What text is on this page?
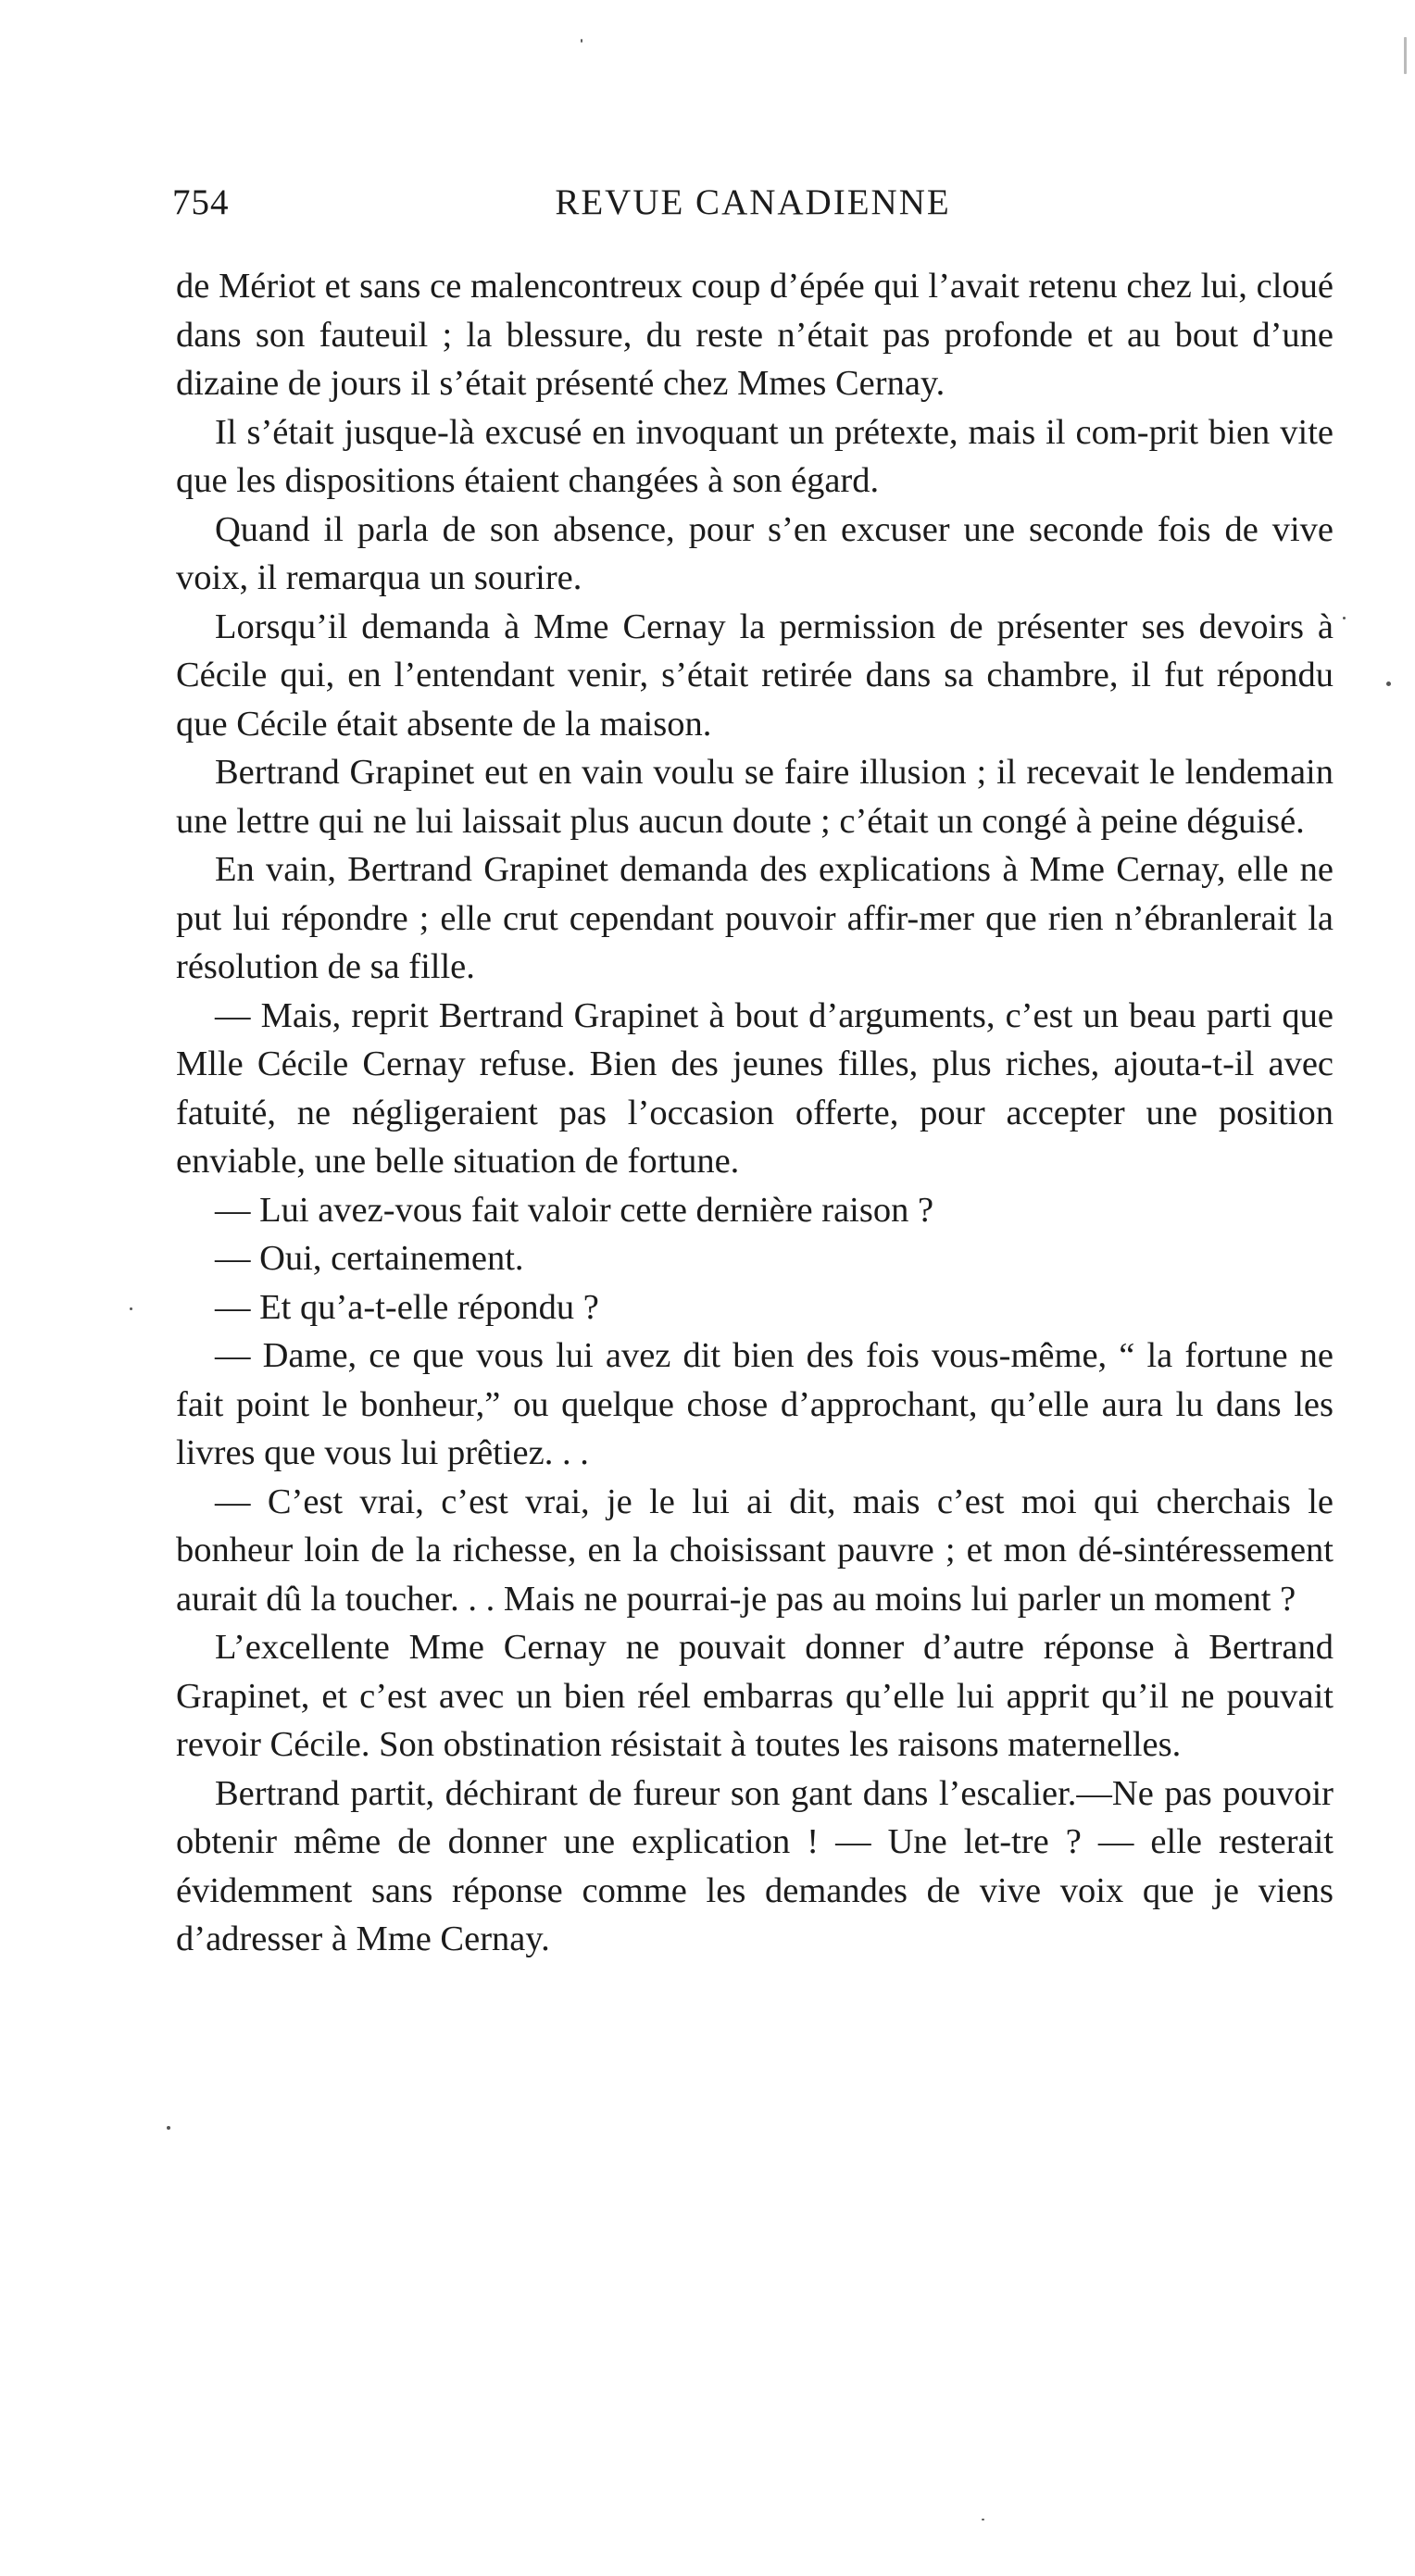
754	REVUE CANADIENNE

de Mériot et sans ce malencontreux coup d’épée qui l’avait retenu chez lui, cloué dans son fauteuil ; la blessure, du reste n’était pas profonde et au bout d’une dizaine de jours il s’était présenté chez Mmes Cernay.

Il s’était jusque-là excusé en invoquant un prétexte, mais il com-prit bien vite que les dispositions étaient changées à son égard.

Quand il parla de son absence, pour s’en excuser une seconde fois de vive voix, il remarqua un sourire.

Lorsqu’il demanda à Mme Cernay la permission de présenter ses devoirs à Cécile qui, en l’entendant venir, s’était retirée dans sa chambre, il fut répondu que Cécile était absente de la maison.

Bertrand Grapinet eut en vain voulu se faire illusion ; il recevait le lendemain une lettre qui ne lui laissait plus aucun doute ; c’était un congé à peine déguisé.

En vain, Bertrand Grapinet demanda des explications à Mme Cernay, elle ne put lui répondre ; elle crut cependant pouvoir affir-mer que rien n’ébranlerait la résolution de sa fille.

— Mais, reprit Bertrand Grapinet à bout d’arguments, c’est un beau parti que Mlle Cécile Cernay refuse. Bien des jeunes filles, plus riches, ajouta-t-il avec fatuité, ne négligeraient pas l’occasion offerte, pour accepter une position enviable, une belle situation de fortune.

— Lui avez-vous fait valoir cette dernière raison ?

— Oui, certainement.

— Et qu’a-t-elle répondu ?

— Dame, ce que vous lui avez dit bien des fois vous-même, “ la fortune ne fait point le bonheur,” ou quelque chose d’approchant, qu’elle aura lu dans les livres que vous lui prêtiez. . .

— C’est vrai, c’est vrai, je le lui ai dit, mais c’est moi qui cherchais le bonheur loin de la richesse, en la choisissant pauvre ; et mon dé-sintéressement aurait dû la toucher. . . Mais ne pourrai-je pas au moins lui parler un moment ?

L’excellente Mme Cernay ne pouvait donner d’autre réponse à Bertrand Grapinet, et c’est avec un bien réel embarras qu’elle lui apprit qu’il ne pouvait revoir Cécile. Son obstination résistait à toutes les raisons maternelles.

Bertrand partit, déchirant de fureur son gant dans l’escalier.—Ne pas pouvoir obtenir même de donner une explication ! — Une let-tre ? — elle resterait évidemment sans réponse comme les demandes de vive voix que je viens d’adresser à Mme Cernay.
